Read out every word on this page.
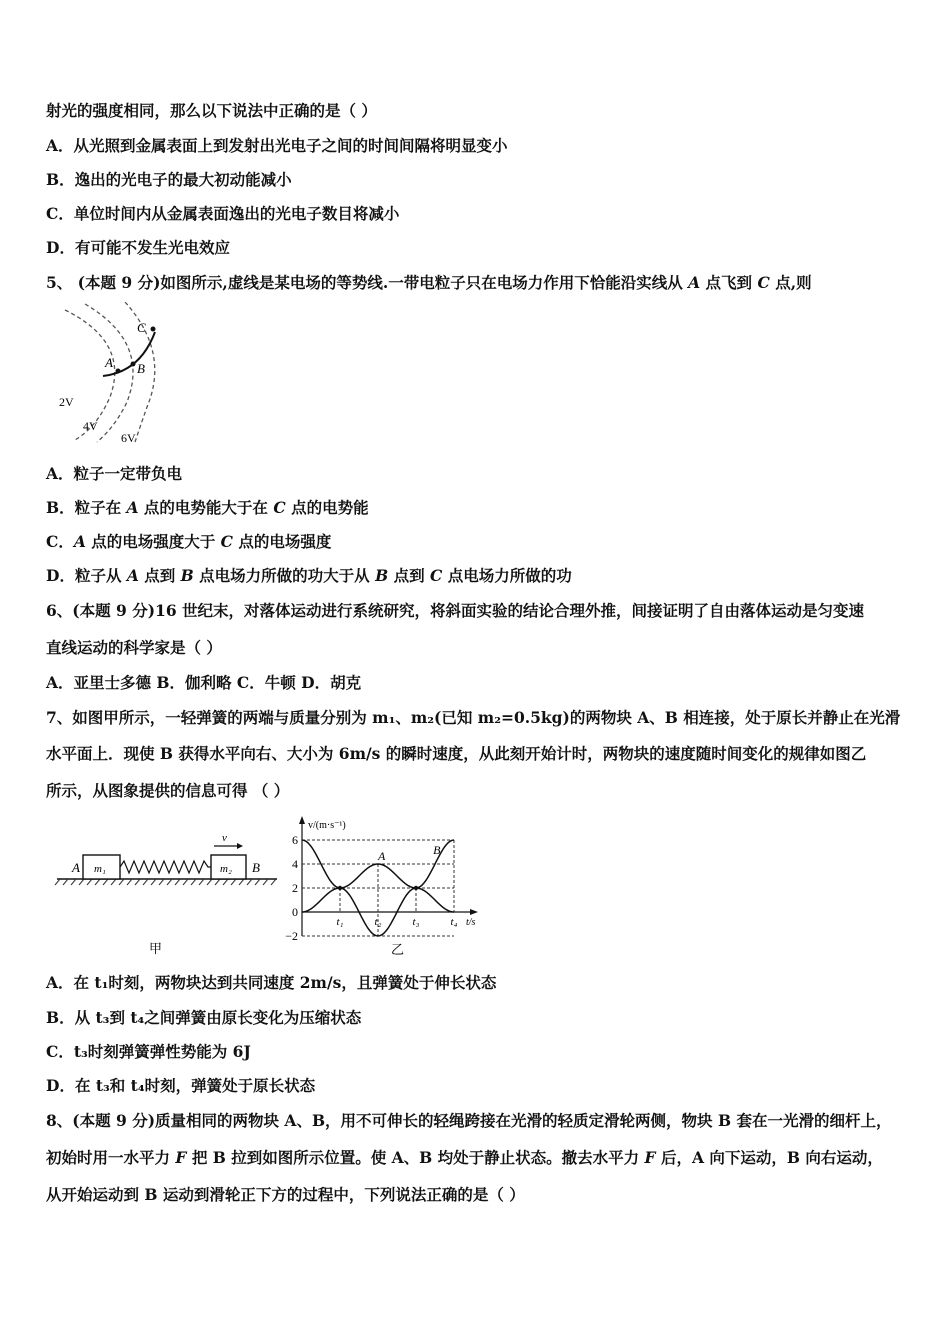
射光的强度相同，那么以下说法中正确的是（ ）
A．从光照到金属表面上到发射出光电子之间的时间间隔将明显变小
B．逸出的光电子的最大初动能减小
C．单位时间内从金属表面逸出的光电子数目将减小
D．有可能不发生光电效应
5、 (本题 9 分)如图所示,虚线是某电场的等势线.一带电粒子只在电场力作用下恰能沿实线从 A 点飞到 C 点,则
A B
C
2V
4V
6V
A．粒子一定带负电
B．粒子在 A 点的电势能大于在 C 点的电势能
C．A 点的电场强度大于 C 点的电场强度
D．粒子从 A 点到 B 点电场力所做的功大于从 B 点到 C 点电场力所做的功
6、(本题 9 分)16 世纪末，对落体运动进行系统研究，将斜面实验的结论合理外推，间接证明了自由落体运动是匀变速
直线运动的科学家是（ ）
A．亚里士多德 B．伽利略 C．牛顿 D．胡克
7、如图甲所示，一轻弹簧的两端与质量分别为 m₁、m₂(已知 m₂=0.5kg)的两物块 A、B 相连接，处于原长并静止在光滑
水平面上．现使 B 获得水平向右、大小为 6m/s 的瞬时速度，从此刻开始计时，两物块的速度随时间变化的规律如图乙
所示，从图象提供的信息可得 （ ）
v
A	B
m₁	m₂
甲
v/(m·s⁻¹)
t/s
乙
−2
0
2
4
6
t₁	t₂	t₃	t₄
A	B
A．在 t₁时刻，两物块达到共同速度 2m/s，且弹簧处于伸长状态
B．从 t₃到 t₄之间弹簧由原长变化为压缩状态
C．t₃时刻弹簧弹性势能为 6J
D．在 t₃和 t₄时刻，弹簧处于原长状态
8、(本题 9 分)质量相同的两物块 A、B，用不可伸长的轻绳跨接在光滑的轻质定滑轮两侧，物块 B 套在一光滑的细杆上，
初始时用一水平力 F 把 B 拉到如图所示位置。使 A、B 均处于静止状态。撤去水平力 F 后，A 向下运动，B 向右运动，
从开始运动到 B 运动到滑轮正下方的过程中，下列说法正确的是（ ）
